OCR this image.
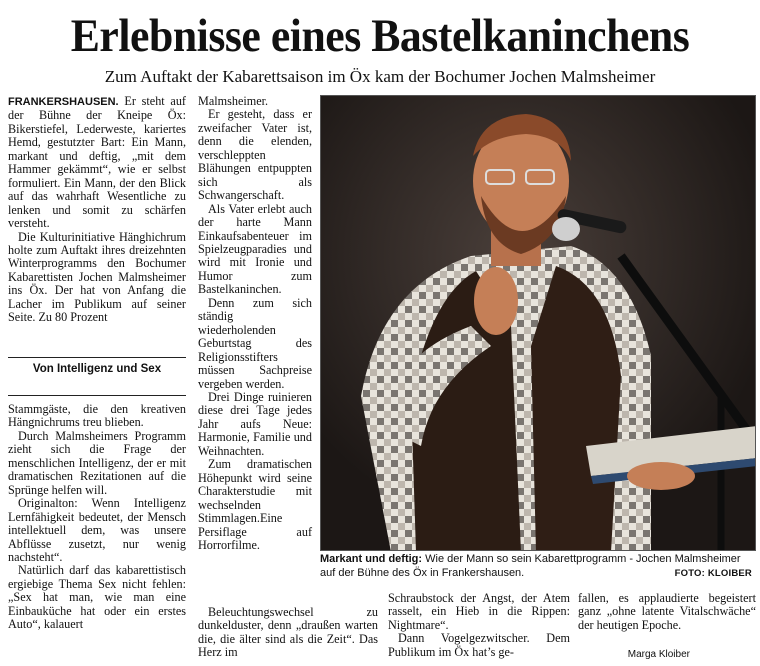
Erlebnisse eines Bastelkaninchens
Zum Auftakt der Kabarettsaison im Öx kam der Bochumer Jochen Malmsheimer

FRANKERSHAUSEN. Er steht auf der Bühne der Kneipe Öx: Bikerstiefel, Lederweste, kariertes Hemd, gestutzter Bart: Ein Mann, markant und deftig, „mit dem Hammer gekämmt“, wie er selbst formuliert. Ein Mann, der den Blick auf das wahrhaft Wesentliche zu lenken und somit zu schärfen versteht.

Die Kulturinitiative Hänghichrum holte zum Auftakt ihres dreizehnten Winterprogramms den Bochumer Kabarettisten Jochen Malmsheimer ins Öx. Der hat von Anfang die Lacher im Publikum auf seiner Seite. Zu 80 Prozent

Von Intelligenz und Sex

Stammgäste, die den kreativen Hängnichrums treu blieben.

Durch Malmsheimers Programm zieht sich die Frage der menschlichen Intelligenz, der er mit dramatischen Rezitationen auf die Sprünge helfen will.

Originalton: Wenn Intelligenz Lernfähigkeit bedeutet, der Mensch intellektuell dem, was unsere Abflüsse zusetzt, nur wenig nachsteht“.

Natürlich darf das kabarettistisch ergiebige Thema Sex nicht fehlen: „Sex hat man, wie man eine Einbauküche hat oder ein erstes Auto“, kalauert

Malmsheimer.

Er gesteht, dass er zweifacher Vater ist, denn die elenden, verschleppten Blähungen entpuppten sich als Schwangerschaft.

Als Vater erlebt auch der harte Mann Einkaufsabenteuer im Spielzeugparadies und wird mit Ironie und Humor zum Bastelkaninchen.

Denn zum sich ständig wiederholenden Geburtstag des Religionsstifters müssen Sachpreise vergeben werden.

Drei Dinge ruinieren diese drei Tage jedes Jahr aufs Neue: Harmonie, Familie und Weihnachten.

Zum dramatischen Höhepunkt wird seine Charakterstudie mit wechselnden Stimmlagen.Eine Persiflage auf Horrorfilme.

Beleuchtungswechsel zu dunkelduster, denn „draußen warten die, die älter sind als die Zeit“. Das Herz im

Markant und deftig: Wie der Mann so sein Kabarettprogramm - Jochen Malmsheimer auf der Bühne des Öx in Frankershausen.	FOTO: KLOIBER

Schraubstock der Angst, der Atem rasselt, ein Hieb in die Rippen: Nightmare“.

Dann Vogelgezwitscher. Dem Publikum im Öx hat’s ge-

fallen, es applaudierte begeistert ganz „ohne latente Vitalschwäche“ der heutigen Epoche.

Marga Kloiber
